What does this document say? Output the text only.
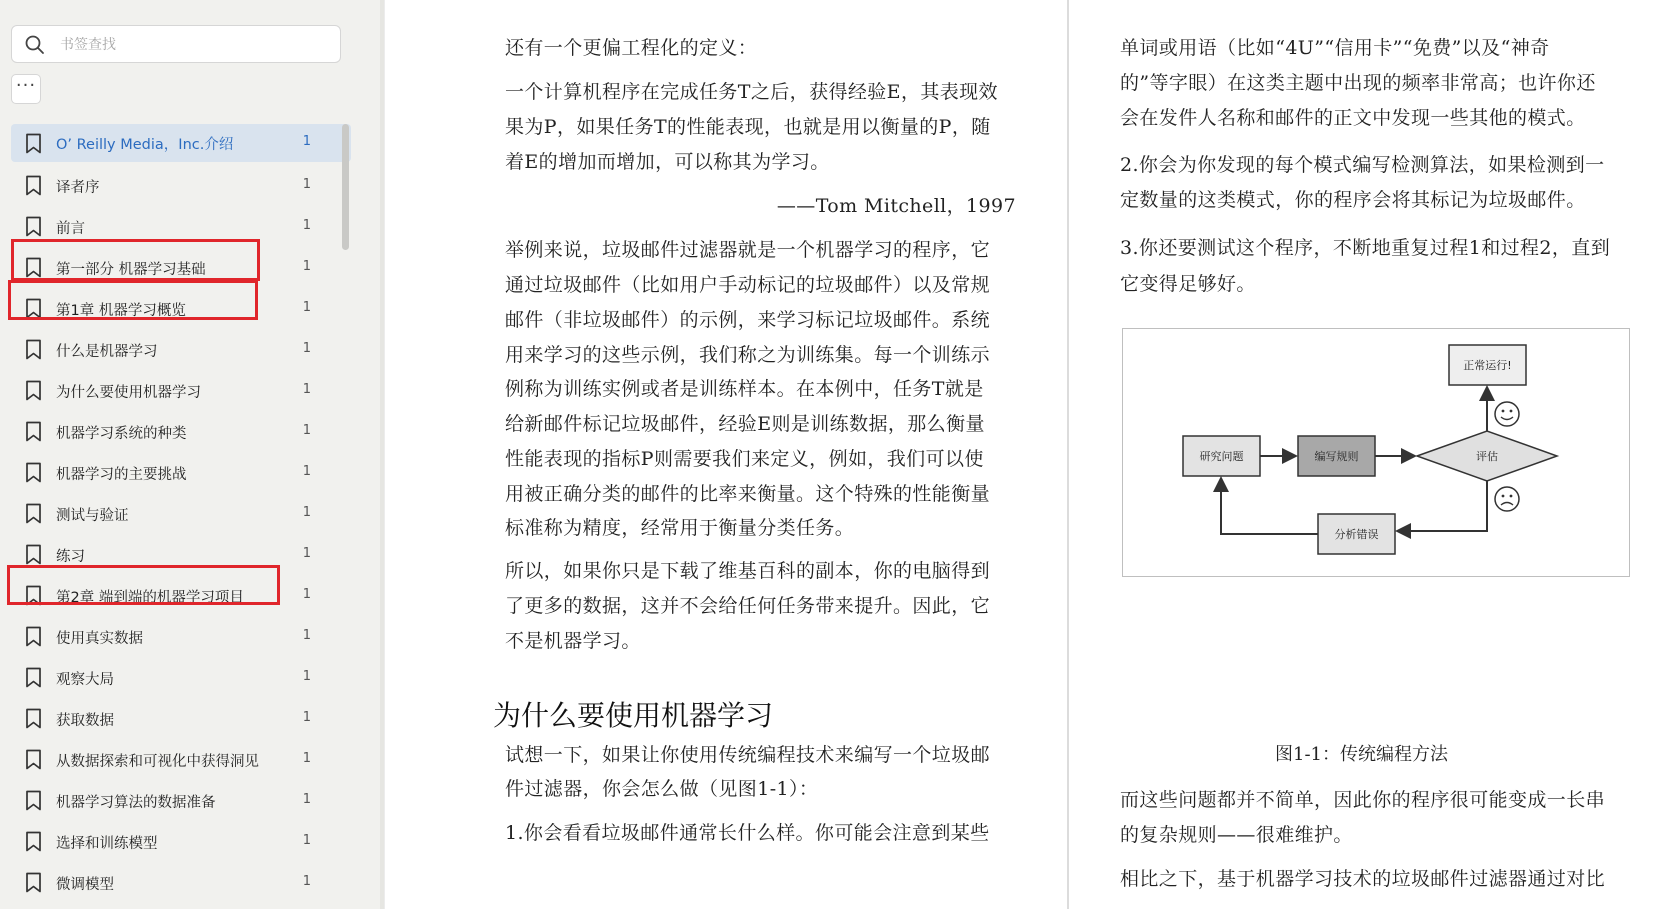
书签查找
···
O’ Reilly Media，Inc.介绍	1
译者序	1
前言	1
第一部分 机器学习基础	1
第1章 机器学习概览	1
什么是机器学习	1
为什么要使用机器学习	1
机器学习系统的种类	1
机器学习的主要挑战	1
测试与验证	1
练习	1
第2章 端到端的机器学习项目	1
使用真实数据	1
观察大局	1
获取数据	1
从数据探索和可视化中获得洞见	1
机器学习算法的数据准备	1
选择和训练模型	1
微调模型	1
还有一个更偏工程化的定义：
一个计算机程序在完成任务T之后，获得经验E，其表现效
果为P，如果任务T的性能表现，也就是用以衡量的P，随
着E的增加而增加，可以称其为学习。
——Tom Mitchell，1997
举例来说，垃圾邮件过滤器就是一个机器学习的程序，它
通过垃圾邮件（比如用户手动标记的垃圾邮件）以及常规
邮件（非垃圾邮件）的示例，来学习标记垃圾邮件。系统
用来学习的这些示例，我们称之为训练集。每一个训练示
例称为训练实例或者是训练样本。在本例中，任务T就是
给新邮件标记垃圾邮件，经验E则是训练数据，那么衡量
性能表现的指标P则需要我们来定义，例如，我们可以使
用被正确分类的邮件的比率来衡量。这个特殊的性能衡量
标准称为精度，经常用于衡量分类任务。
所以，如果你只是下载了维基百科的副本，你的电脑得到
了更多的数据，这并不会给任何任务带来提升。因此，它
不是机器学习。
试想一下，如果让你使用传统编程技术来编写一个垃圾邮
件过滤器，你会怎么做（见图1-1）：
1.你会看看垃圾邮件通常长什么样。你可能会注意到某些
为什么要使用机器学习
单词或用语（比如“4U”“信用卡”“免费”以及“神奇
的”等字眼）在这类主题中出现的频率非常高；也许你还
会在发件人名称和邮件的正文中发现一些其他的模式。
2.你会为你发现的每个模式编写检测算法，如果检测到一
定数量的这类模式，你的程序会将其标记为垃圾邮件。
3.你还要测试这个程序，不断地重复过程1和过程2，直到
它变得足够好。
而这些问题都并不简单，因此你的程序很可能变成一长串
的复杂规则——很难维护。
相比之下，基于机器学习技术的垃圾邮件过滤器通过对比
研究问题	编写规则
正常运行!
分析错误
评估
图1-1：传统编程方法
